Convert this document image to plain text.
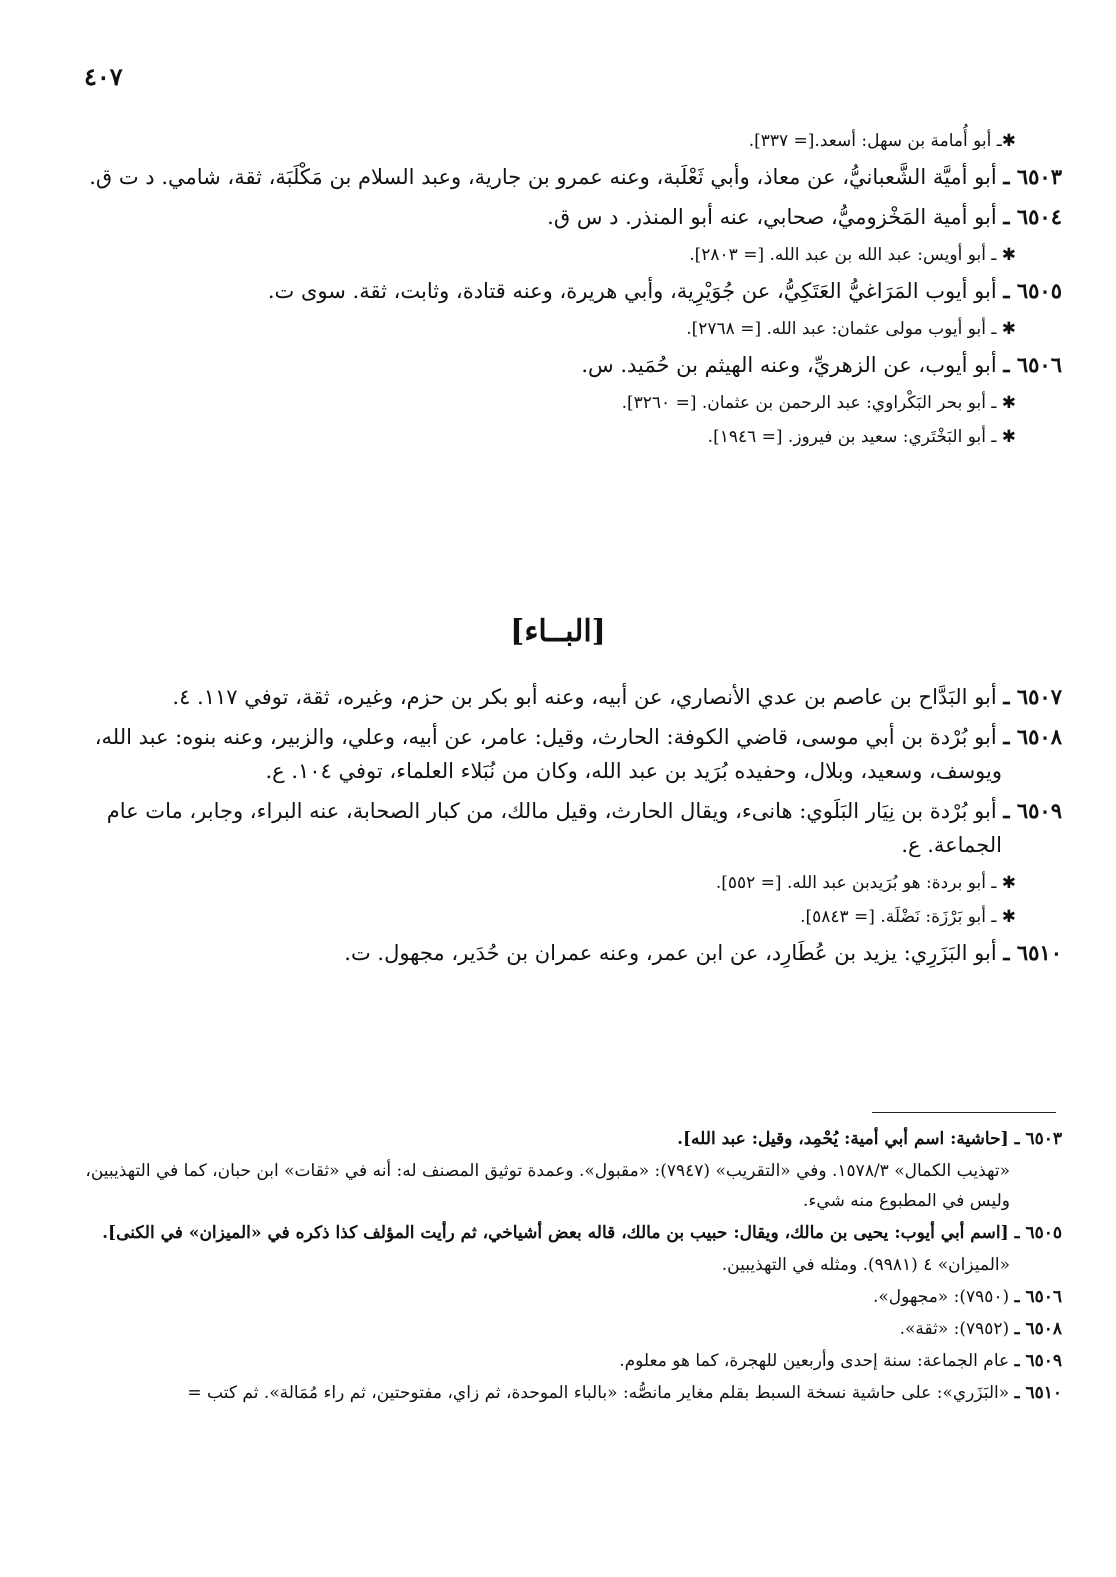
٤٠٧
✱ـ أبو أُمامة بن سهل: أسعد.[= ٣٣٧].
٦٥٠٣ ـ أبو أميَّة الشَّعبانيُّ، عن معاذ، وأبي ثَعْلَبة، وعنه عمرو بن جارية، وعبد السلام بن مَكْلَبَة، ثقة، شامي. د ت ق.
٦٥٠٤ ـ أبو أمية المَخْزوميُّ، صحابي، عنه أبو المنذر. د س ق.
✱ ـ أبو أويس: عبد الله بن عبد الله. [= ٢٨٠٣].
٦٥٠٥ ـ أبو أيوب المَرَاغيُّ العَتَكِيُّ، عن جُوَيْرِية، وأبي هريرة، وعنه قتادة، وثابت، ثقة. سوى ت.
✱ ـ أبو أيوب مولى عثمان: عبد الله. [= ٢٧٦٨].
٦٥٠٦ ـ أبو أيوب، عن الزهريِّ، وعنه الهيثم بن حُمَيد. س.
✱ ـ أبو بحر البَكْراوي: عبد الرحمن بن عثمان. [= ٣٢٦٠].
✱ ـ أبو البَخْتَري: سعيد بن فيروز. [= ١٩٤٦].
[البــاء]
٦٥٠٧ ـ أبو البَدَّاح بن عاصم بن عدي الأنصاري، عن أبيه، وعنه أبو بكر بن حزم، وغيره، ثقة، توفي ١١٧. ٤.
٦٥٠٨ ـ أبو بُرْدة بن أبي موسى، قاضي الكوفة: الحارث، وقيل: عامر، عن أبيه، وعلي، والزبير، وعنه بنوه: عبد الله، ويوسف، وسعيد، وبلال، وحفيده بُرَيد بن عبد الله، وكان من نُبَلاء العلماء، توفي ١٠٤. ع.
٦٥٠٩ ـ أبو بُرْدة بن نِيَار البَلَوي: هانىء، ويقال الحارث، وقيل مالك، من كبار الصحابة، عنه البراء، وجابر، مات عام الجماعة. ع.
✱ ـ أبو بردة: هو بُرَيدبن عبد الله. [= ٥٥٢].
✱ ـ أبو بَرْزَة: نَضْلَة. [= ٥٨٤٣].
٦٥١٠ ـ أبو البَزَرِي: يزيد بن عُطَارِد، عن ابن عمر، وعنه عمران بن حُدَير، مجهول. ت.
٦٥٠٣ ـ [حاشية: اسم أبي أمية: يُحْمِد، وقيل: عبد الله].
«تهذيب الكمال» ١٥٧٨/٣. وفي «التقريب» (٧٩٤٧): «مقبول». وعمدة توثيق المصنف له: أنه في «ثقات» ابن حبان، كما في التهذيبين، وليس في المطبوع منه شيء.
٦٥٠٥ ـ [اسم أبي أيوب: يحيى بن مالك، ويقال: حبيب بن مالك، قاله بعض أشياخي، ثم رأيت المؤلف كذا ذكره في «الميزان» في الكنى].
«الميزان» ٤ (٩٩٨١). ومثله في التهذيبين.
٦٥٠٦ ـ (٧٩٥٠): «مجهول».
٦٥٠٨ ـ (٧٩٥٢): «ثقة».
٦٥٠٩ ـ عام الجماعة: سنة إحدى وأربعين للهجرة، كما هو معلوم.
٦٥١٠ ـ «البَزَري»: على حاشية نسخة السبط بقلم مغاير مانصُّه: «بالباء الموحدة، ثم زاي، مفتوحتين، ثم راء مُمَالة». ثم كتب =
